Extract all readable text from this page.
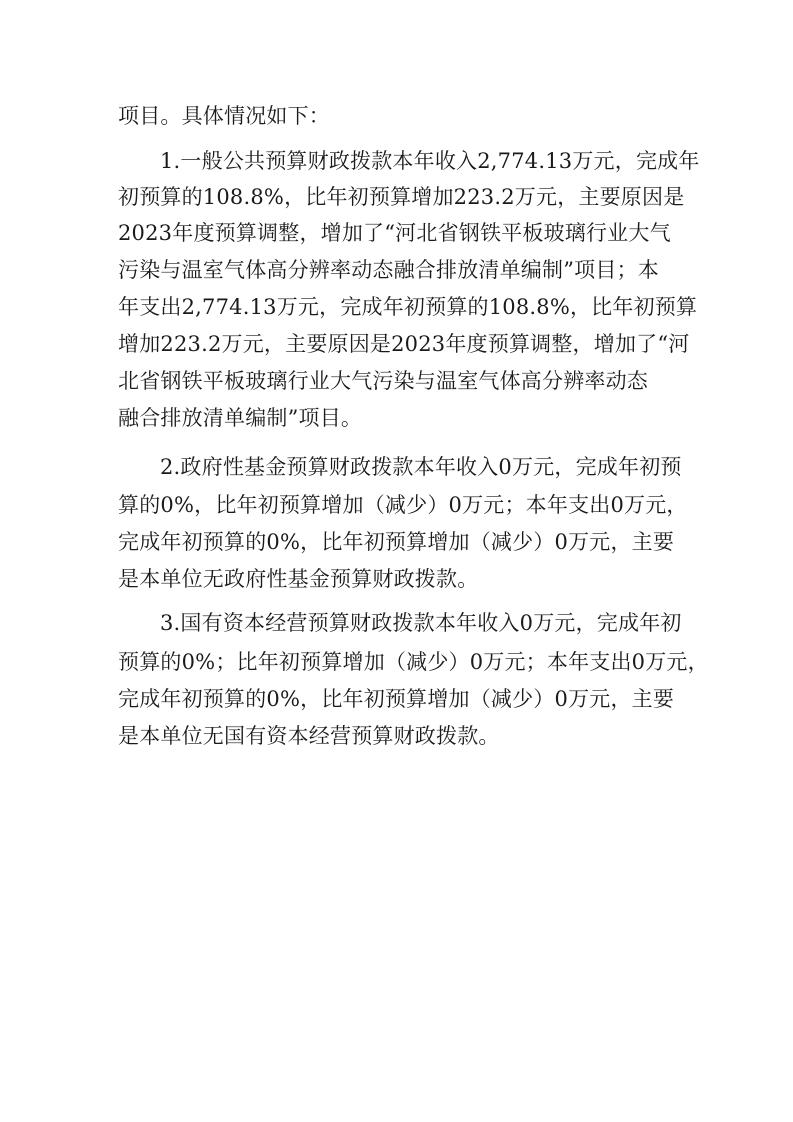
项目。具体情况如下：
1.一般公共预算财政拨款本年收入2,774.13万元，完成年
初预算的108.8%，比年初预算增加223.2万元，主要原因是
2023年度预算调整，增加了“河北省钢铁平板玻璃行业大气
污染与温室气体高分辨率动态融合排放清单编制”项目；本
年支出2,774.13万元，完成年初预算的108.8%，比年初预算
增加223.2万元，主要原因是2023年度预算调整，增加了“河
北省钢铁平板玻璃行业大气污染与温室气体高分辨率动态
融合排放清单编制”项目。
2.政府性基金预算财政拨款本年收入0万元，完成年初预
算的0%，比年初预算增加（减少）0万元；本年支出0万元，
完成年初预算的0%，比年初预算增加（减少）0万元，主要
是本单位无政府性基金预算财政拨款。
3.国有资本经营预算财政拨款本年收入0万元，完成年初
预算的0%；比年初预算增加（减少）0万元；本年支出0万元，
完成年初预算的0%，比年初预算增加（减少）0万元，主要
是本单位无国有资本经营预算财政拨款。
